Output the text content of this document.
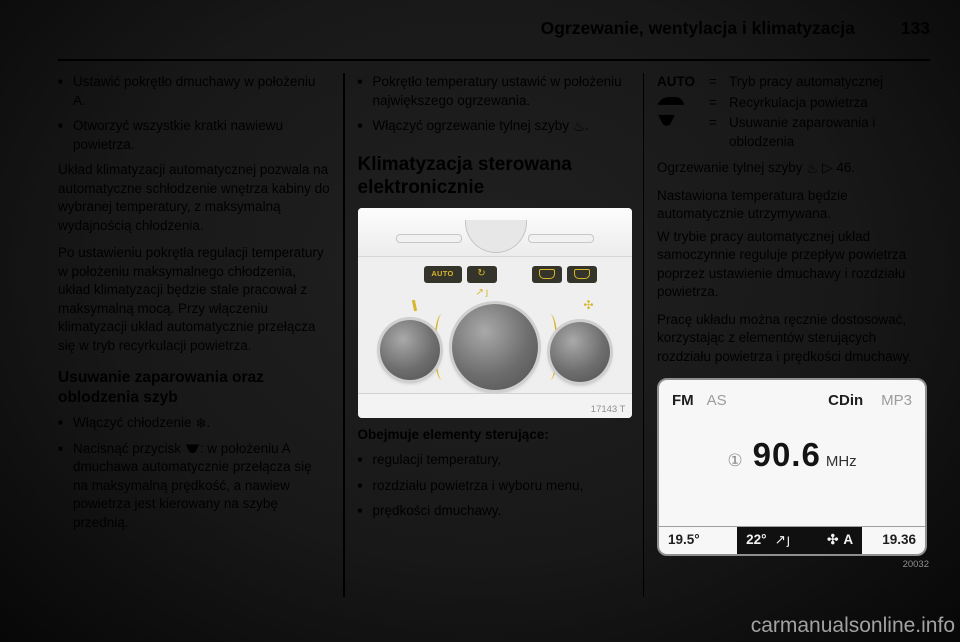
Ogrzewanie, wentylacja i klimatyzacja	133
■ Ustawić pokrętło dmuchawy w położeniu A.
■ Otworzyć wszystkie kratki nawiewu powietrza.

Układ klimatyzacji automatycznej pozwala na automatyczne schłodzenie wnętrza kabiny do wybranej temperatury, z maksymalną wydajnością chłodzenia.

Po ustawieniu pokrętła regulacji temperatury w położeniu maksymalnego chłodzenia, układ klimatyzacji będzie stale pracował z maksymalną mocą. Przy włączeniu klimatyzacji układ automatycznie przełącza się w tryb recyrkulacji powietrza.

Usuwanie zaparowania oraz oblodzenia szyb
■ Włączyć chłodzenie ❄.
■ Nacisnąć przycisk : w położeniu A dmuchawa automatycznie przełącza się na maksymalną prędkość, a nawiew powietrza jest kierowany na szybę przednią.
■ Pokrętło temperatury ustawić w położeniu największego ogrzewania.
■ Włączyć ogrzewanie tylnej szyby ♨.
Klimatyzacja sterowana elektronicznie
AUTO	↻
↗ȷ
✣
17143 T

Obejmuje elementy sterujące:

■ regulacji temperatury,
■ rozdziału powietrza i wyboru menu,
■ prędkości dmuchawy.
AUTO	= Tryb pracy automatycznej
= Recyrkulacja powietrza
= Usuwanie zaparowania i oblodzenia

Ogrzewanie tylnej szyby ♨ ▷ 46.

Nastawiona temperatura będzie automatycznie utrzymywana.

W trybie pracy automatycznej układ samoczynnie reguluje przepływ powietrza poprzez ustawienie dmuchawy i rozdziału powietrza.

Pracę układu można ręcznie dostosować, korzystając z elementów sterujących rozdziału powietrza i prędkości dmuchawy.

FM AS	CDin MP3
① 90.6 MHz
19.5°	22° ↗ȷ	✣ A	19.36
20032
carmanualsonline.info
